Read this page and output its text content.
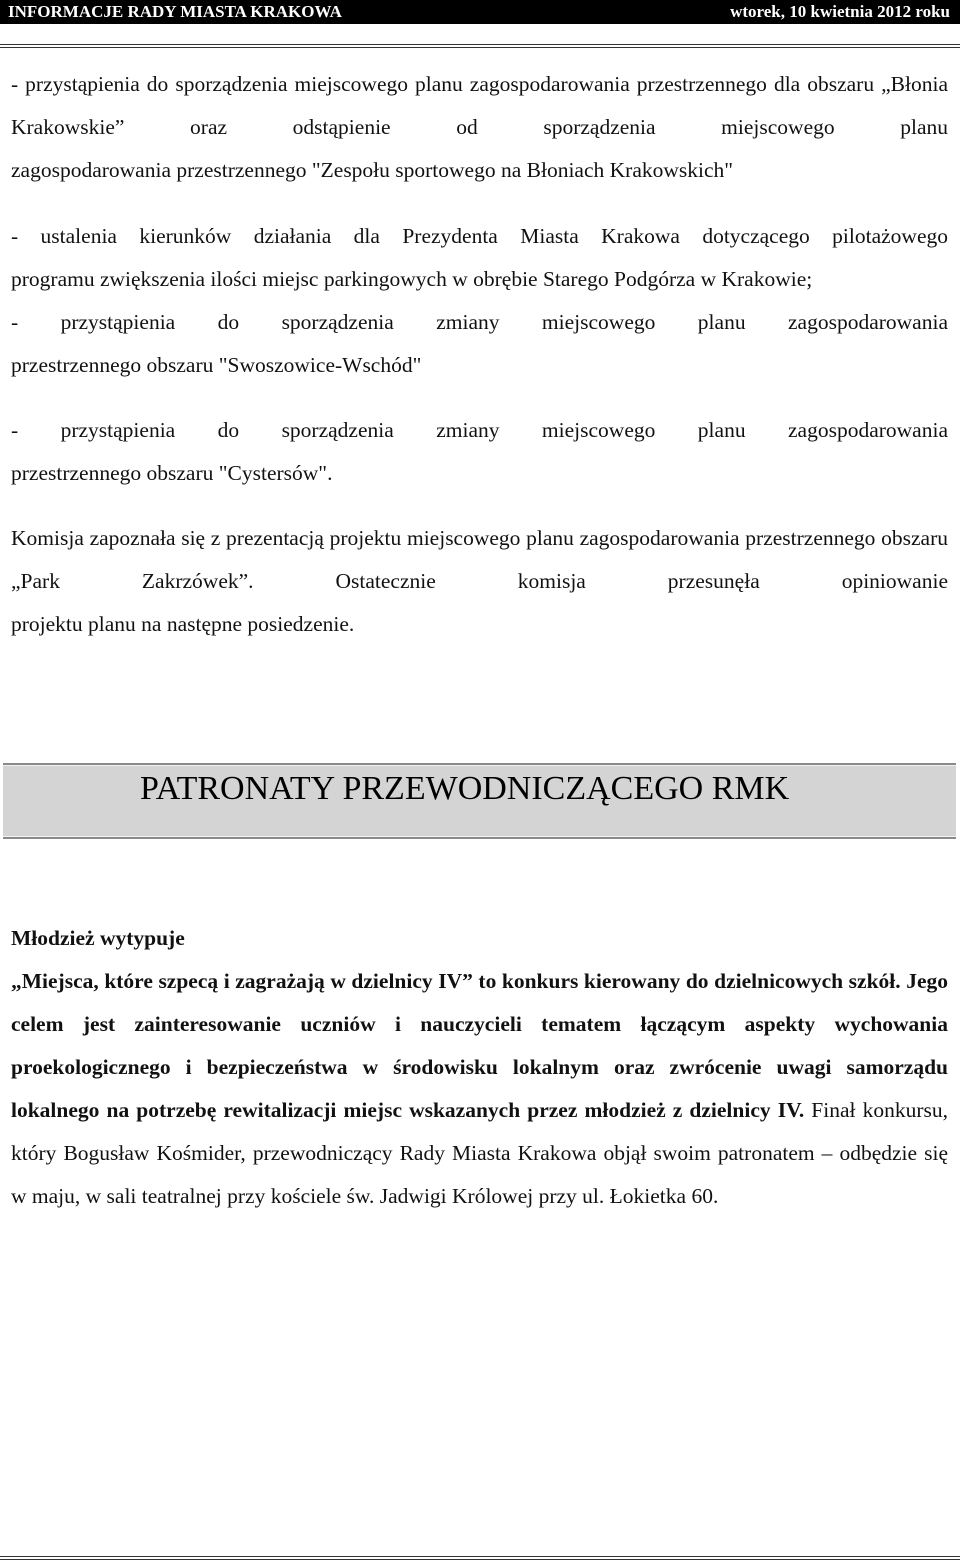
INFORMACJE RADY MIASTA KRAKOWA	wtorek, 10 kwietnia 2012 roku

- przystąpienia do sporządzenia miejscowego planu zagospodarowania przestrzennego dla obszaru „Błonia Krakowskie” oraz odstąpienie od sporządzenia miejscowego planu

zagospodarowania przestrzennego "Zespołu sportowego na Błoniach Krakowskich"

- ustalenia kierunków działania dla Prezydenta Miasta Krakowa dotyczącego pilotażowego

programu zwiększenia ilości miejsc parkingowych w obrębie Starego Podgórza w Krakowie;

- przystąpienia do sporządzenia zmiany miejscowego planu zagospodarowania

przestrzennego obszaru "Swoszowice-Wschód"

- przystąpienia do sporządzenia zmiany miejscowego planu zagospodarowania

przestrzennego obszaru "Cystersów".

Komisja zapoznała się z prezentacją projektu miejscowego planu zagospodarowania przestrzennego obszaru „Park Zakrzówek”. Ostatecznie komisja przesunęła opiniowanie

projektu planu na następne posiedzenie.

PATRONATY PRZEWODNICZĄCEGO RMK

Młodzież wytypuje

„Miejsca, które szpecą i zagrażają w dzielnicy IV” to konkurs kierowany do dzielnicowych szkół. Jego celem jest zainteresowanie uczniów i nauczycieli tematem łączącym aspekty wychowania proekologicznego i bezpieczeństwa w środowisku lokalnym oraz zwrócenie uwagi samorządu lokalnego na potrzebę rewitalizacji miejsc wskazanych przez młodzież z dzielnicy IV. Finał konkursu, który Bogusław Kośmider, przewodniczący Rady Miasta Krakowa objął swoim patronatem – odbędzie się w maju, w sali teatralnej przy kościele św. Jadwigi Królowej przy ul. Łokietka 60.
